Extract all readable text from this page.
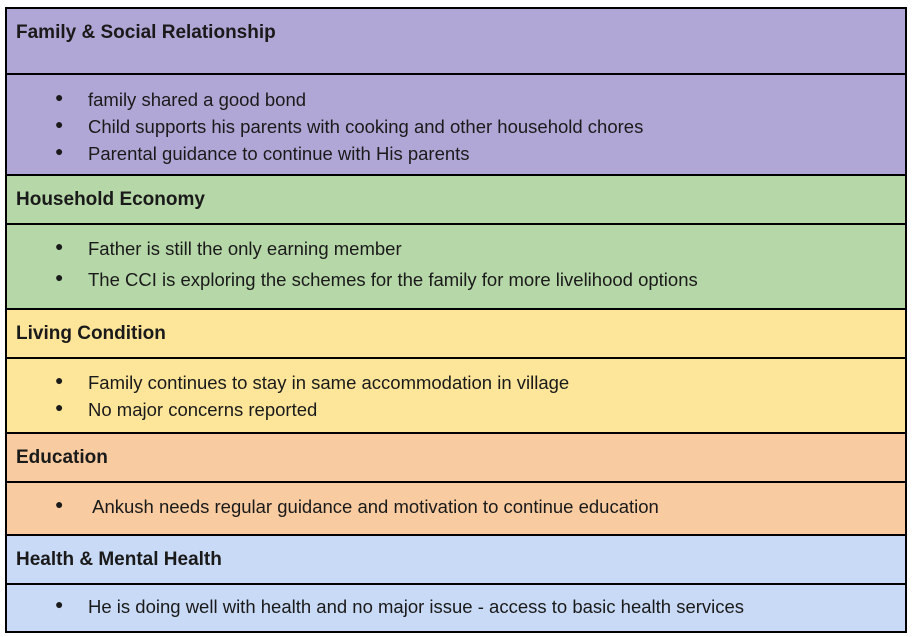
Family & Social Relationship
● family shared a good bond
● Child supports his parents with cooking and other household chores
● Parental guidance to continue with His parents
Household Economy
● Father is still the only earning member
● The CCI is exploring the schemes for the family for more livelihood options
Living Condition
● Family continues to stay in same accommodation in village
● No major concerns reported
Education
● Ankush needs regular guidance and motivation to continue education
Health & Mental Health
● He is doing well with health and no major issue - access to basic health services
